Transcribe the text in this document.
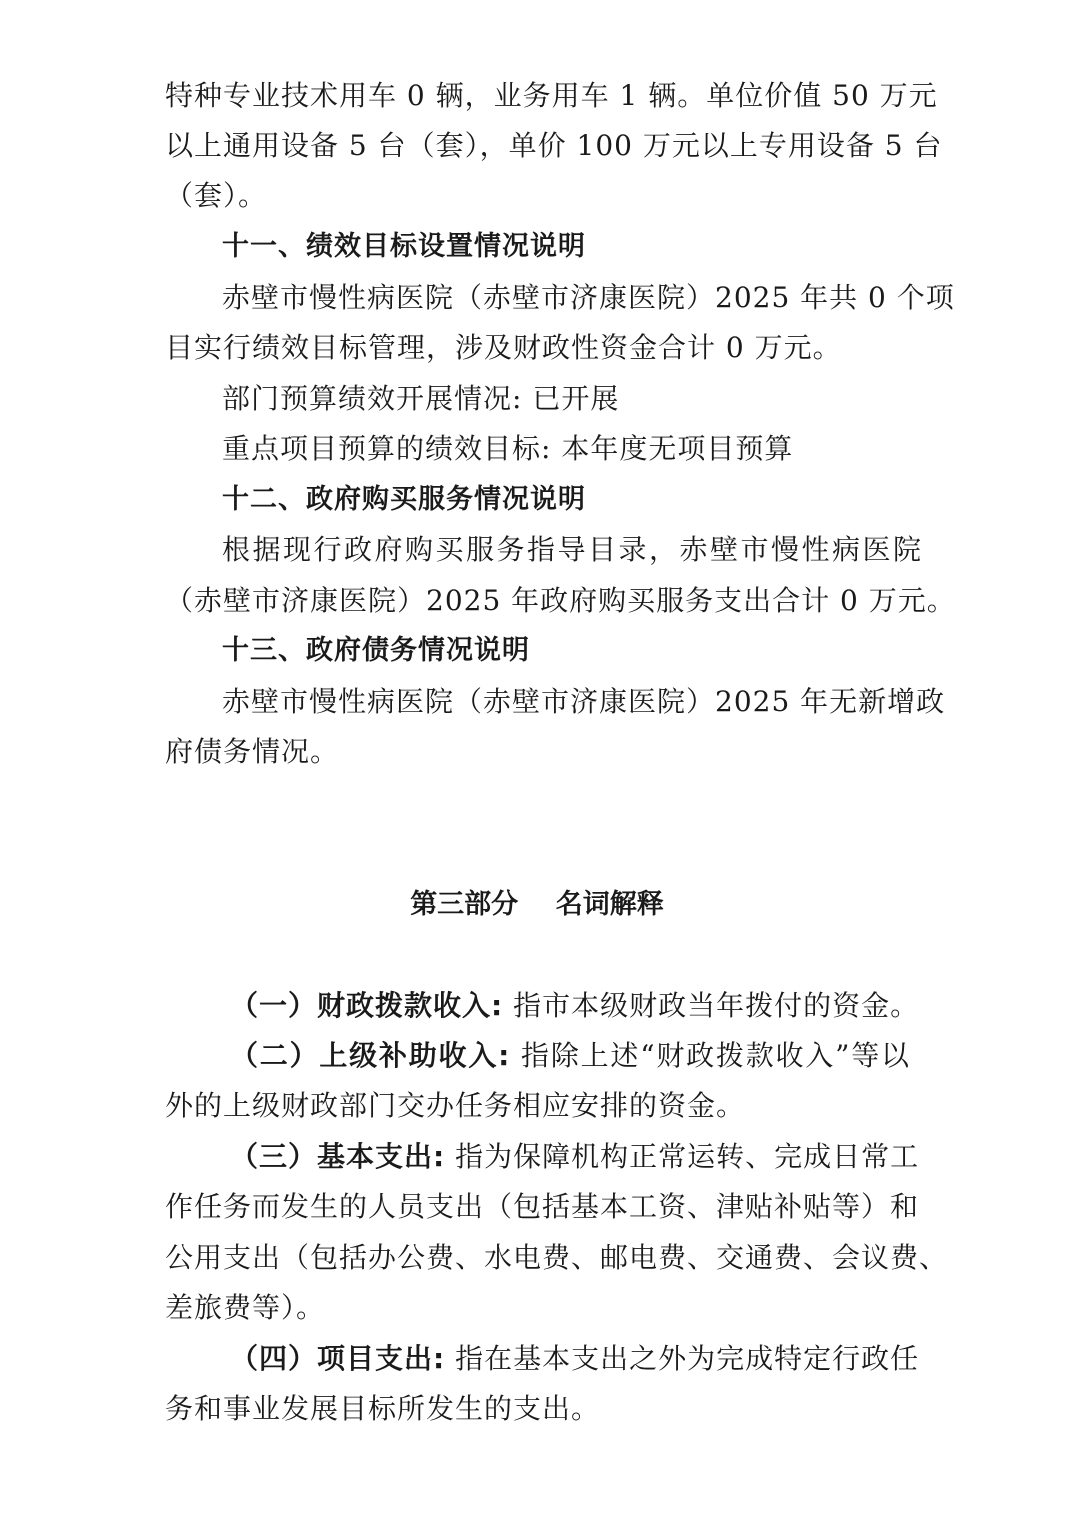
特种专业技术用车 0 辆，业务用车 1 辆。单位价值 50 万元

以上通用设备 5 台（套），单价 100 万元以上专用设备 5 台

（套）。

十一、绩效目标设置情况说明

赤壁市慢性病医院（赤壁市济康医院）2025 年共 0 个项

目实行绩效目标管理，涉及财政性资金合计 0 万元。

部门预算绩效开展情况: 已开展

重点项目预算的绩效目标: 本年度无项目预算

十二、政府购买服务情况说明

根据现行政府购买服务指导目录，赤壁市慢性病医院

（赤壁市济康医院）2025 年政府购买服务支出合计 0 万元。

十三、政府债务情况说明

赤壁市慢性病医院（赤壁市济康医院）2025 年无新增政

府债务情况。

第三部分    名词解释

（一）财政拨款收入: 指市本级财政当年拨付的资金。

（二）上级补助收入: 指除上述“财政拨款收入”等以

外的上级财政部门交办任务相应安排的资金。

（三）基本支出: 指为保障机构正常运转、完成日常工

作任务而发生的人员支出（包括基本工资、津贴补贴等）和

公用支出（包括办公费、水电费、邮电费、交通费、会议费、

差旅费等）。

（四）项目支出: 指在基本支出之外为完成特定行政任

务和事业发展目标所发生的支出。
